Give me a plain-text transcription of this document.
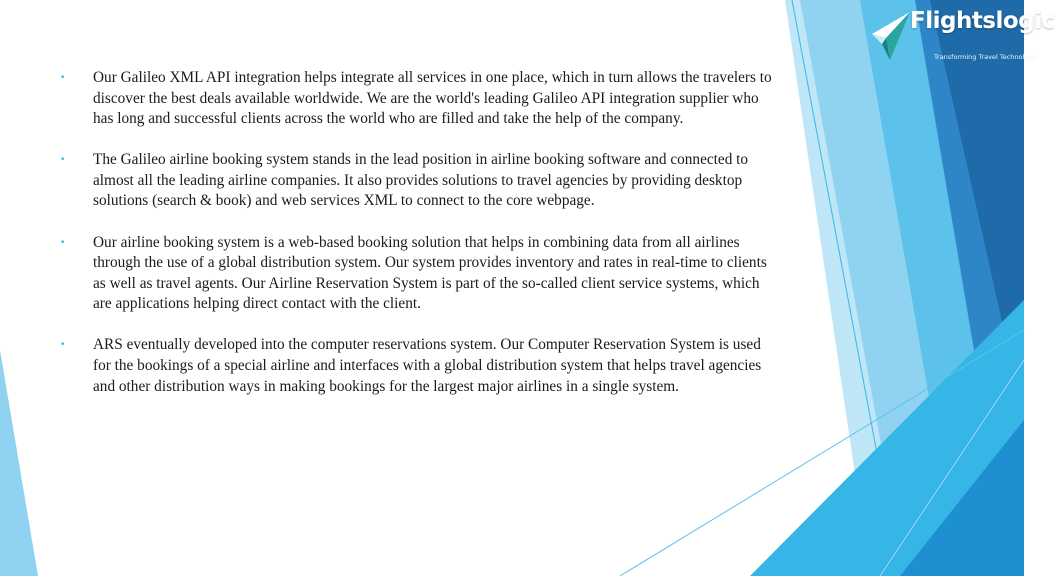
Flightslogic
Transforming Travel Technology
• Our Galileo XML API integration helps integrate all services in one place, which in turn allows the travelers to discover the best deals available worldwide. We are the world's leading Galileo API integration supplier who has long and successful clients across the world who are filled and take the help of the company.
• The Galileo airline booking system stands in the lead position in airline booking software and connected to almost all the leading airline companies. It also provides solutions to travel agencies by providing desktop solutions (search & book) and web services XML to connect to the core webpage.
• Our airline booking system is a web-based booking solution that helps in combining data from all airlines through the use of a global distribution system. Our system provides inventory and rates in real-time to clients as well as travel agents. Our Airline Reservation System is part of the so-called client service systems, which are applications helping direct contact with the client.
• ARS eventually developed into the computer reservations system. Our Computer Reservation System is used for the bookings of a special airline and interfaces with a global distribution system that helps travel agencies and other distribution ways in making bookings for the largest major airlines in a single system.
